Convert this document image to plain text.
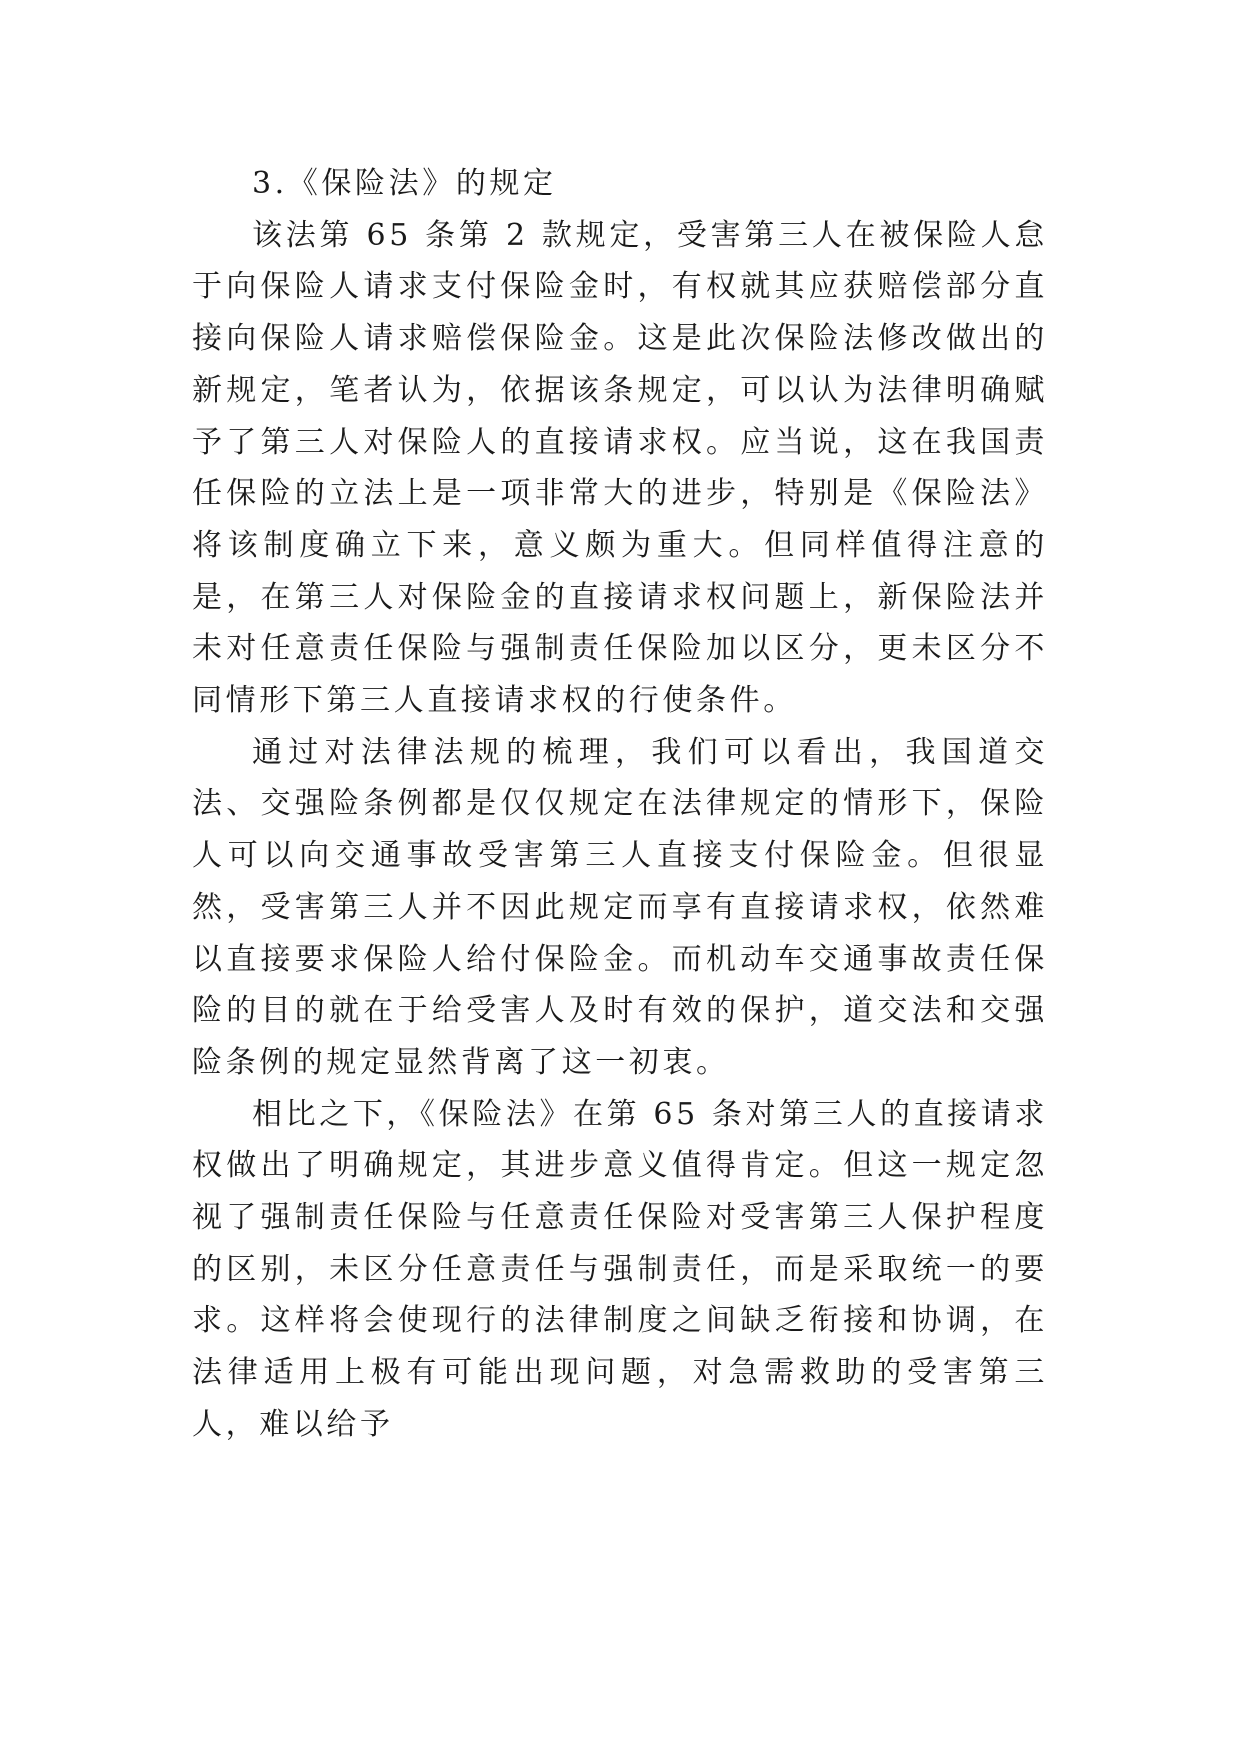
3.《保险法》的规定

该法第 65 条第 2 款规定，受害第三人在被保险人怠于向保险人请求支付保险金时，有权就其应获赔偿部分直接向保险人请求赔偿保险金。这是此次保险法修改做出的新规定，笔者认为，依据该条规定，可以认为法律明确赋予了第三人对保险人的直接请求权。应当说，这在我国责任保险的立法上是一项非常大的进步，特别是《保险法》将该制度确立下来，意义颇为重大。但同样值得注意的是，在第三人对保险金的直接请求权问题上，新保险法并未对任意责任保险与强制责任保险加以区分，更未区分不同情形下第三人直接请求权的行使条件。

通过对法律法规的梳理，我们可以看出，我国道交法、交强险条例都是仅仅规定在法律规定的情形下，保险人可以向交通事故受害第三人直接支付保险金。但很显然，受害第三人并不因此规定而享有直接请求权，依然难以直接要求保险人给付保险金。而机动车交通事故责任保险的目的就在于给受害人及时有效的保护，道交法和交强险条例的规定显然背离了这一初衷。

相比之下，《保险法》在第 65 条对第三人的直接请求权做出了明确规定，其进步意义值得肯定。但这一规定忽视了强制责任保险与任意责任保险对受害第三人保护程度的区别，未区分任意责任与强制责任，而是采取统一的要求。这样将会使现行的法律制度之间缺乏衔接和协调，在法律适用上极有可能出现问题，对急需救助的受害第三人，难以给予
